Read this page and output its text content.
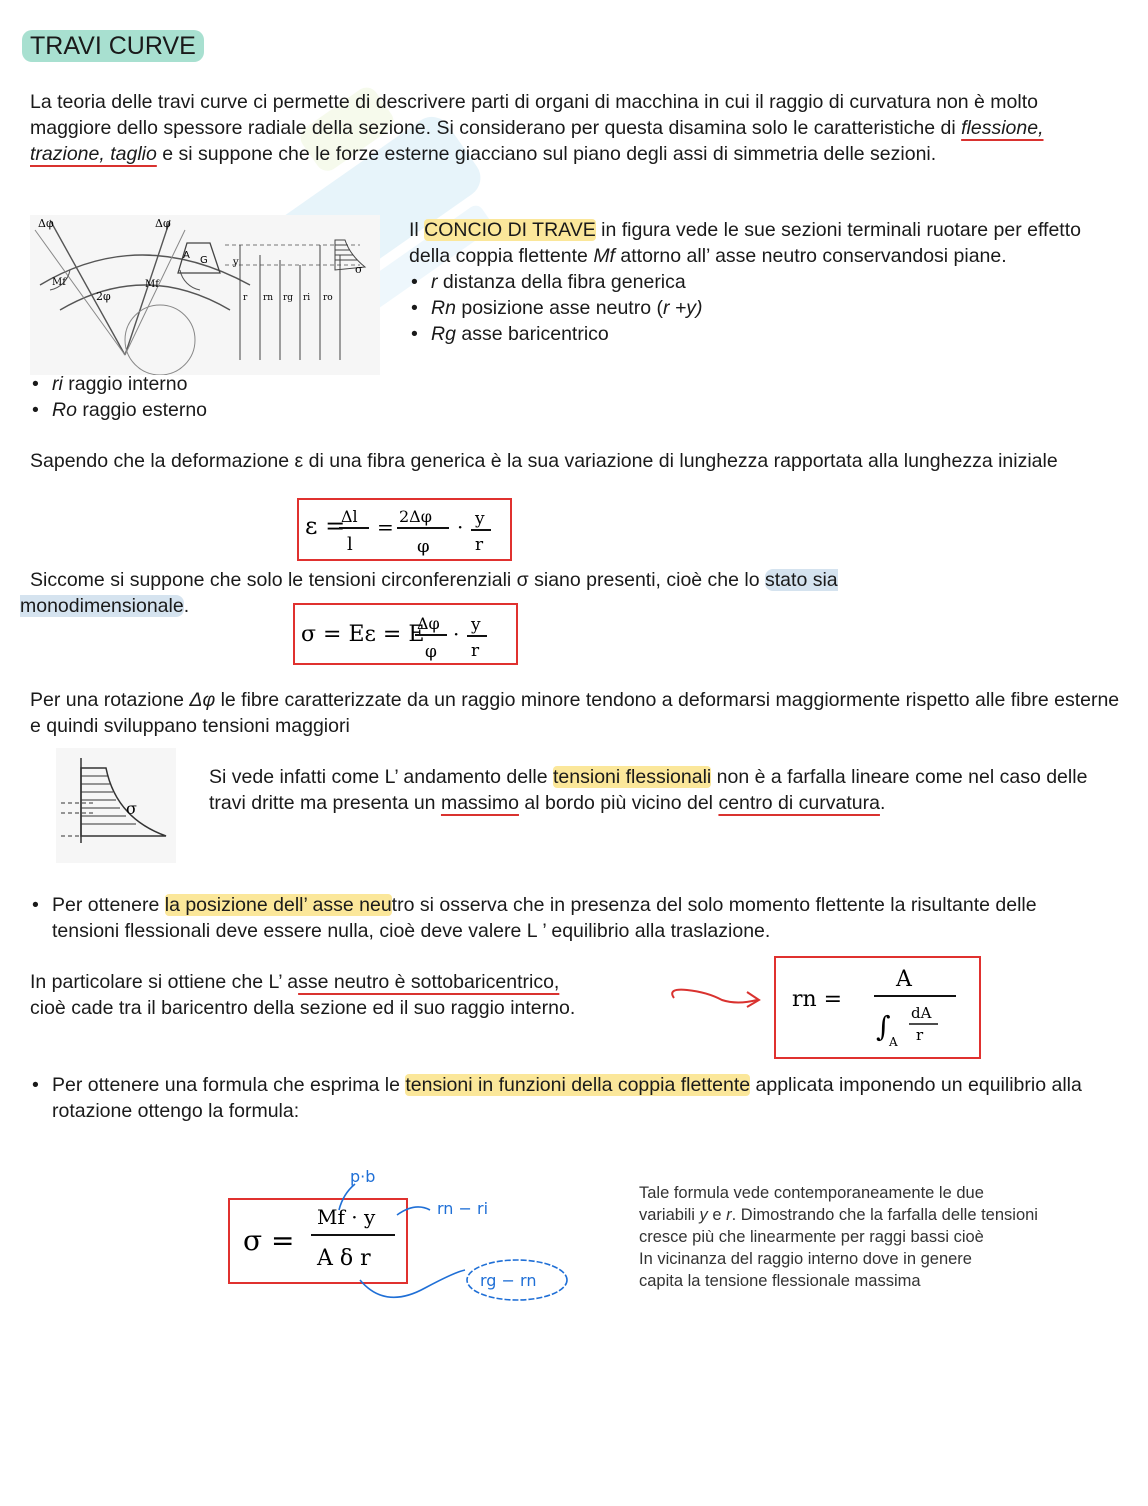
TRAVI CURVE
La teoria delle travi curve ci permette di descrivere parti di organi di macchina in cui il raggio di curvatura non è molto maggiore dello spessore radiale della sezione. Si considerano per questa disamina solo le caratteristiche di flessione, trazione, taglio e si suppone che le forze esterne giacciano sul piano degli assi di simmetria delle sezioni.
Δφ	Δφ
Mf	Mf
2φ
A G	y
r rn rg ri ro
σ
Il CONCIO DI TRAVE in figura vede le sue sezioni terminali ruotare per effetto della coppia flettente Mf attorno all’ asse neutro conservandosi piane.
• r distanza della fibra generica
• Rn posizione asse neutro (r +y)
• Rg asse baricentrico
• ri raggio interno
• Ro raggio esterno
Sapendo che la deformazione ε di una fibra generica è la sua variazione di lunghezza rapportata alla lunghezza iniziale
ε =
Δl
l
= 2Δφ
φ
· y
r
Siccome si suppone che solo le tensioni circonferenziali σ siano presenti, cioè che lo stato sia monodimensionale.
σ = Eε = E
Δφ
φ
· y
r
Per una rotazione Δφ le fibre caratterizzate da un raggio minore tendono a deformarsi maggiormente rispetto alle fibre esterne e quindi sviluppano tensioni maggiori
σ
Si vede infatti come L’ andamento delle tensioni flessionali non è a farfalla lineare come nel caso delle travi dritte ma presenta un massimo al bordo più vicino del centro di curvatura.
• Per ottenere la posizione dell’ asse neutro si osserva che in presenza del solo momento flettente la risultante delle tensioni flessionali deve essere nulla, cioè deve valere L ’ equilibrio alla traslazione.
In particolare si ottiene che L’ asse neutro è sottobaricentrico,
cioè cade tra il baricentro della sezione ed il suo raggio interno.	rn =
A
∫
A
dA
r
• Per ottenere una formula che esprima le tensioni in funzioni della coppia flettente applicata imponendo un equilibrio alla rotazione ottengo la formula:
σ =
Mf · y
A δ r
p·b
rn − ri
rg − rn
Tale formula vede contemporaneamente le due
variabili y e r. Dimostrando che la farfalla delle tensioni
cresce più che linearmente per raggi bassi cioè
In vicinanza del raggio interno dove in genere
capita la tensione flessionale massima
